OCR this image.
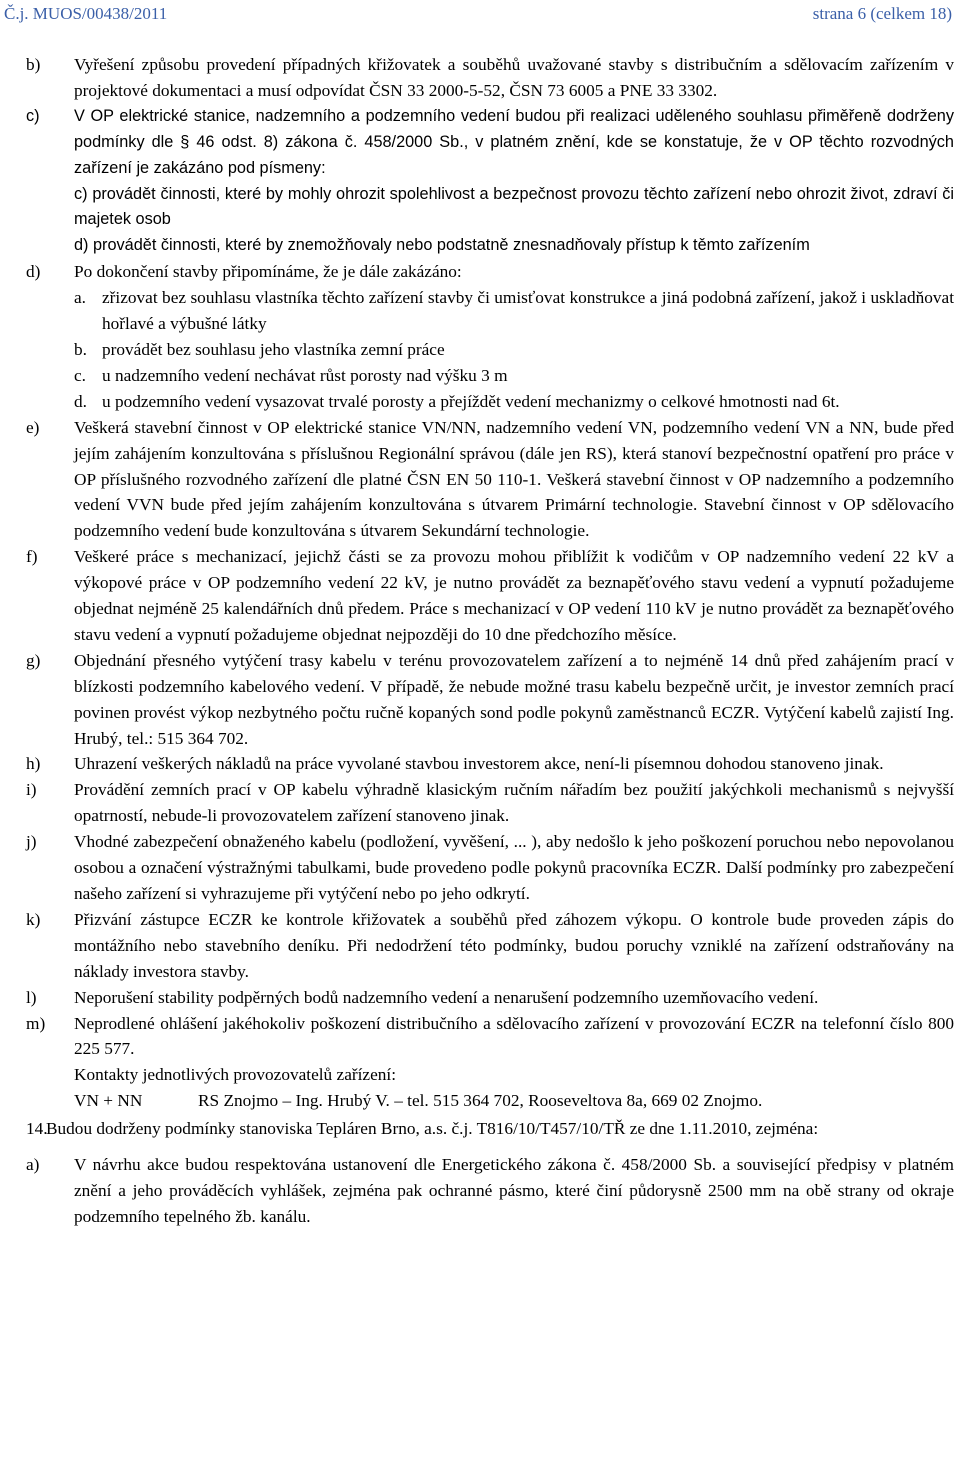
Č.j. MUOS/00438/2011	strana 6 (celkem 18)
b)	Vyřešení způsobu provedení případných křižovatek a souběhů uvažované stavby s distribučním a sdělovacím zařízením v projektové dokumentaci a musí odpovídat ČSN 33 2000-5-52, ČSN 73 6005 a PNE 33 3302.
c)	V OP elektrické stanice, nadzemního a podzemního vedení budou při realizaci uděleného souhlasu přiměřeně dodrženy podmínky dle § 46 odst. 8) zákona č. 458/2000 Sb., v platném znění, kde se konstatuje, že v OP těchto rozvodných zařízení je zakázáno pod písmeny:
c) provádět činnosti, které by mohly ohrozit spolehlivost a bezpečnost provozu těchto zařízení nebo ohrozit život, zdraví či majetek osob
d) provádět činnosti, které by znemožňovaly nebo podstatně znesnadňovaly přístup k těmto zařízením
d)	Po dokončení stavby připomínáme, že je dále zakázáno:
a. zřizovat bez souhlasu vlastníka těchto zařízení stavby či umisťovat konstrukce a jiná podobná zařízení, jakož i uskladňovat hořlavé a výbušné látky
b. provádět bez souhlasu jeho vlastníka zemní práce
c. u nadzemního vedení nechávat růst porosty nad výšku 3 m
d. u podzemního vedení vysazovat trvalé porosty a přejíždět vedení mechanizmy o celkové hmotnosti nad 6t.
e)	Veškerá stavební činnost v OP elektrické stanice VN/NN, nadzemního vedení VN, podzemního vedení VN a NN, bude před jejím zahájením konzultována s příslušnou Regionální správou (dále jen RS), která stanoví bezpečnostní opatření pro práce v OP příslušného rozvodného zařízení dle platné ČSN EN 50 110-1. Veškerá stavební činnost v OP nadzemního a podzemního vedení VVN bude před jejím zahájením konzultována s útvarem Primární technologie. Stavební činnost v OP sdělovacího podzemního vedení bude konzultována s útvarem Sekundární technologie.
f)	Veškeré práce s mechanizací, jejichž části se za provozu mohou přiblížit k vodičům v OP nadzemního vedení 22 kV a výkopové práce v OP podzemního vedení 22 kV, je nutno provádět za beznapěťového stavu vedení a vypnutí požadujeme objednat nejméně 25 kalendářních dnů předem. Práce s mechanizací v OP vedení 110 kV je nutno provádět za beznapěťového stavu vedení a vypnutí požadujeme objednat nejpozději do 10 dne předchozího měsíce.
g)	Objednání přesného vytýčení trasy kabelu v terénu provozovatelem zařízení a to nejméně 14 dnů před zahájením prací v blízkosti podzemního kabelového vedení. V případě, že nebude možné trasu kabelu bezpečně určit, je investor zemních prací povinen provést výkop nezbytného počtu ručně kopaných sond podle pokynů zaměstnanců ECZR. Vytýčení kabelů zajistí Ing. Hrubý, tel.: 515 364 702.
h)	Uhrazení veškerých nákladů na práce vyvolané stavbou investorem akce, není-li písemnou dohodou stanoveno jinak.
i)	Provádění zemních prací v OP kabelu výhradně klasickým ručním nářadím bez použití jakýchkoli mechanismů s nejvyšší opatrností, nebude-li provozovatelem zařízení stanoveno jinak.
j)	Vhodné zabezpečení obnaženého kabelu (podložení, vyvěšení, ... ), aby nedošlo k jeho poškození poruchou nebo nepovolanou osobou a označení výstražnými tabulkami, bude provedeno podle pokynů pracovníka ECZR. Další podmínky pro zabezpečení našeho zařízení si vyhrazujeme při vytýčení nebo po jeho odkrytí.
k)	Přizvání zástupce ECZR ke kontrole křižovatek a souběhů před záhozem výkopu. O kontrole bude proveden zápis do montážního nebo stavebního deníku. Při nedodržení této podmínky, budou poruchy vzniklé na zařízení odstraňovány na náklady investora stavby.
l)	Neporušení stability podpěrných bodů nadzemního vedení a nenarušení podzemního uzemňovacího vedení.
m)	Neprodlené ohlášení jakéhokoliv poškození distribučního a sdělovacího zařízení v provozování ECZR na telefonní číslo 800 225 577.
Kontakty jednotlivých provozovatelů zařízení:
VN + NN	RS Znojmo – Ing. Hrubý V. – tel. 515 364 702, Rooseveltova 8a, 669 02 Znojmo.
14.
Budou dodrženy podmínky stanoviska Tepláren Brno, a.s. č.j. T816/10/T457/10/TŘ ze dne 1.11.2010, zejména:
a)	V návrhu akce budou respektována ustanovení dle Energetického zákona č. 458/2000 Sb. a související předpisy v platném znění a jeho prováděcích vyhlášek, zejména pak ochranné pásmo, které činí půdorysně 2500 mm na obě strany od okraje podzemního tepelného žb. kanálu.
